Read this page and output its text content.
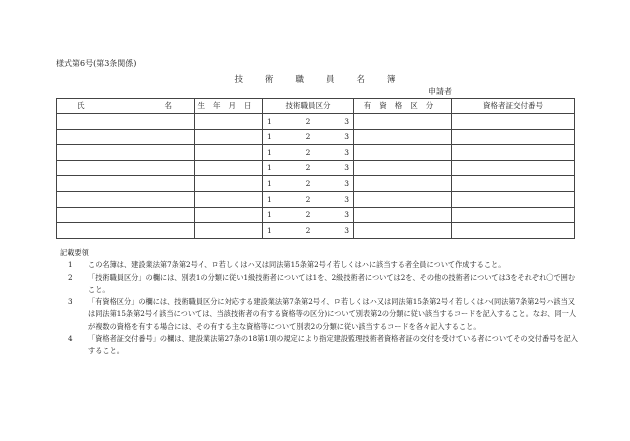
様式第6号(第3条関係)
技術職員名簿
申請者
氏 名	生年月日	技術職員区分	有資格区分	資格者証交付番号

		1 2 3		

		1 2 3		

		1 2 3		

		1 2 3		

		1 2 3		

		1 2 3		

		1 2 3		

		1 2 3		

記載要領
1	この名簿は、建設業法第7条第2号イ、ロ若しくはハ又は同法第15条第2号イ若しくはハに該当する者全員について作成すること。
2	「技術職員区分」の欄には、別表1の分類に従い1級技術者については1を、2級技術者については2を、その他の技術者については3をそれぞれ〇で囲むこと。
3	「有資格区分」の欄には、技術職員区分に対応する建設業法第7条第2号イ、ロ若しくはハ又は同法第15条第2号イ若しくはハ(同法第7条第2号ハ該当又は同法第15条第2号イ該当については、当該技術者の有する資格等の区分)について別表第2の分類に従い該当するコードを記入すること。なお、同一人が複数の資格を有する場合には、その有する主な資格等について別表2の分類に従い該当するコードを各々記入すること。
4	「資格者証交付番号」の欄は、建設業法第27条の18第1項の規定により指定建設監理技術者資格者証の交付を受けている者についてその交付番号を記入すること。
